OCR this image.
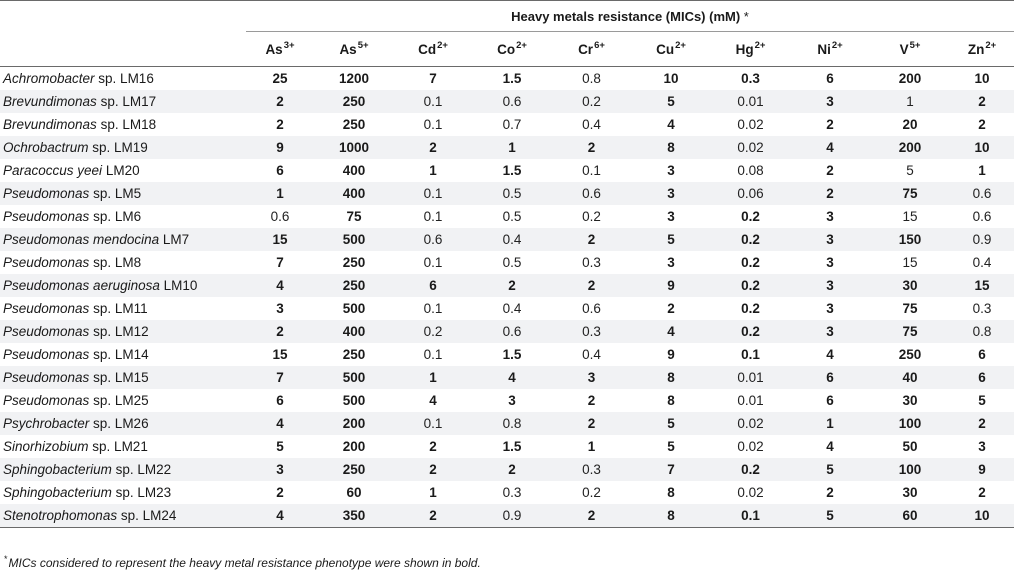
	Heavy metals resistance (MICs) (mM) *									
	$As^{3+}$	$As^{5+}$	$Cd^{2+}$	$Co^{2+}$	$Cr^{6+}$	$Cu^{2+}$	$Hg^{2+}$	$Ni^{2+}$	$V^{5+}$	$Zn^{2+}$
Achromobacter sp. LM16	25	1200	7	1.5	0.8	10	0.3	6	200	10
Brevundimonas sp. LM17	2	250	0.1	0.6	0.2	5	0.01	3	1	2
Brevundimonas sp. LM18	2	250	0.1	0.7	0.4	4	0.02	2	20	2
Ochrobactrum sp. LM19	9	1000	2	1	2	8	0.02	4	200	10
Paracoccus yeei LM20	6	400	1	1.5	0.1	3	0.08	2	5	1
Pseudomonas sp. LM5	1	400	0.1	0.5	0.6	3	0.06	2	75	0.6
Pseudomonas sp. LM6	0.6	75	0.1	0.5	0.2	3	0.2	3	15	0.6
Pseudomonas mendocina LM7	15	500	0.6	0.4	2	5	0.2	3	150	0.9
Pseudomonas sp. LM8	7	250	0.1	0.5	0.3	3	0.2	3	15	0.4
Pseudomonas aeruginosa LM10	4	250	6	2	2	9	0.2	3	30	15
Pseudomonas sp. LM11	3	500	0.1	0.4	0.6	2	0.2	3	75	0.3
Pseudomonas sp. LM12	2	400	0.2	0.6	0.3	4	0.2	3	75	0.8
Pseudomonas sp. LM14	15	250	0.1	1.5	0.4	9	0.1	4	250	6
Pseudomonas sp. LM15	7	500	1	4	3	8	0.01	6	40	6
Pseudomonas sp. LM25	6	500	4	3	2	8	0.01	6	30	5
Psychrobacter sp. LM26	4	200	0.1	0.8	2	5	0.02	1	100	2
Sinorhizobium sp. LM21	5	200	2	1.5	1	5	0.02	4	50	3
Sphingobacterium sp. LM22	3	250	2	2	0.3	7	0.2	5	100	9
Sphingobacterium sp. LM23	2	60	1	0.3	0.2	8	0.02	2	30	2
Stenotrophomonas sp. LM24	4	350	2	0.9	2	8	0.1	5	60	10
*MICs considered to represent the heavy metal resistance phenotype were shown in bold.
